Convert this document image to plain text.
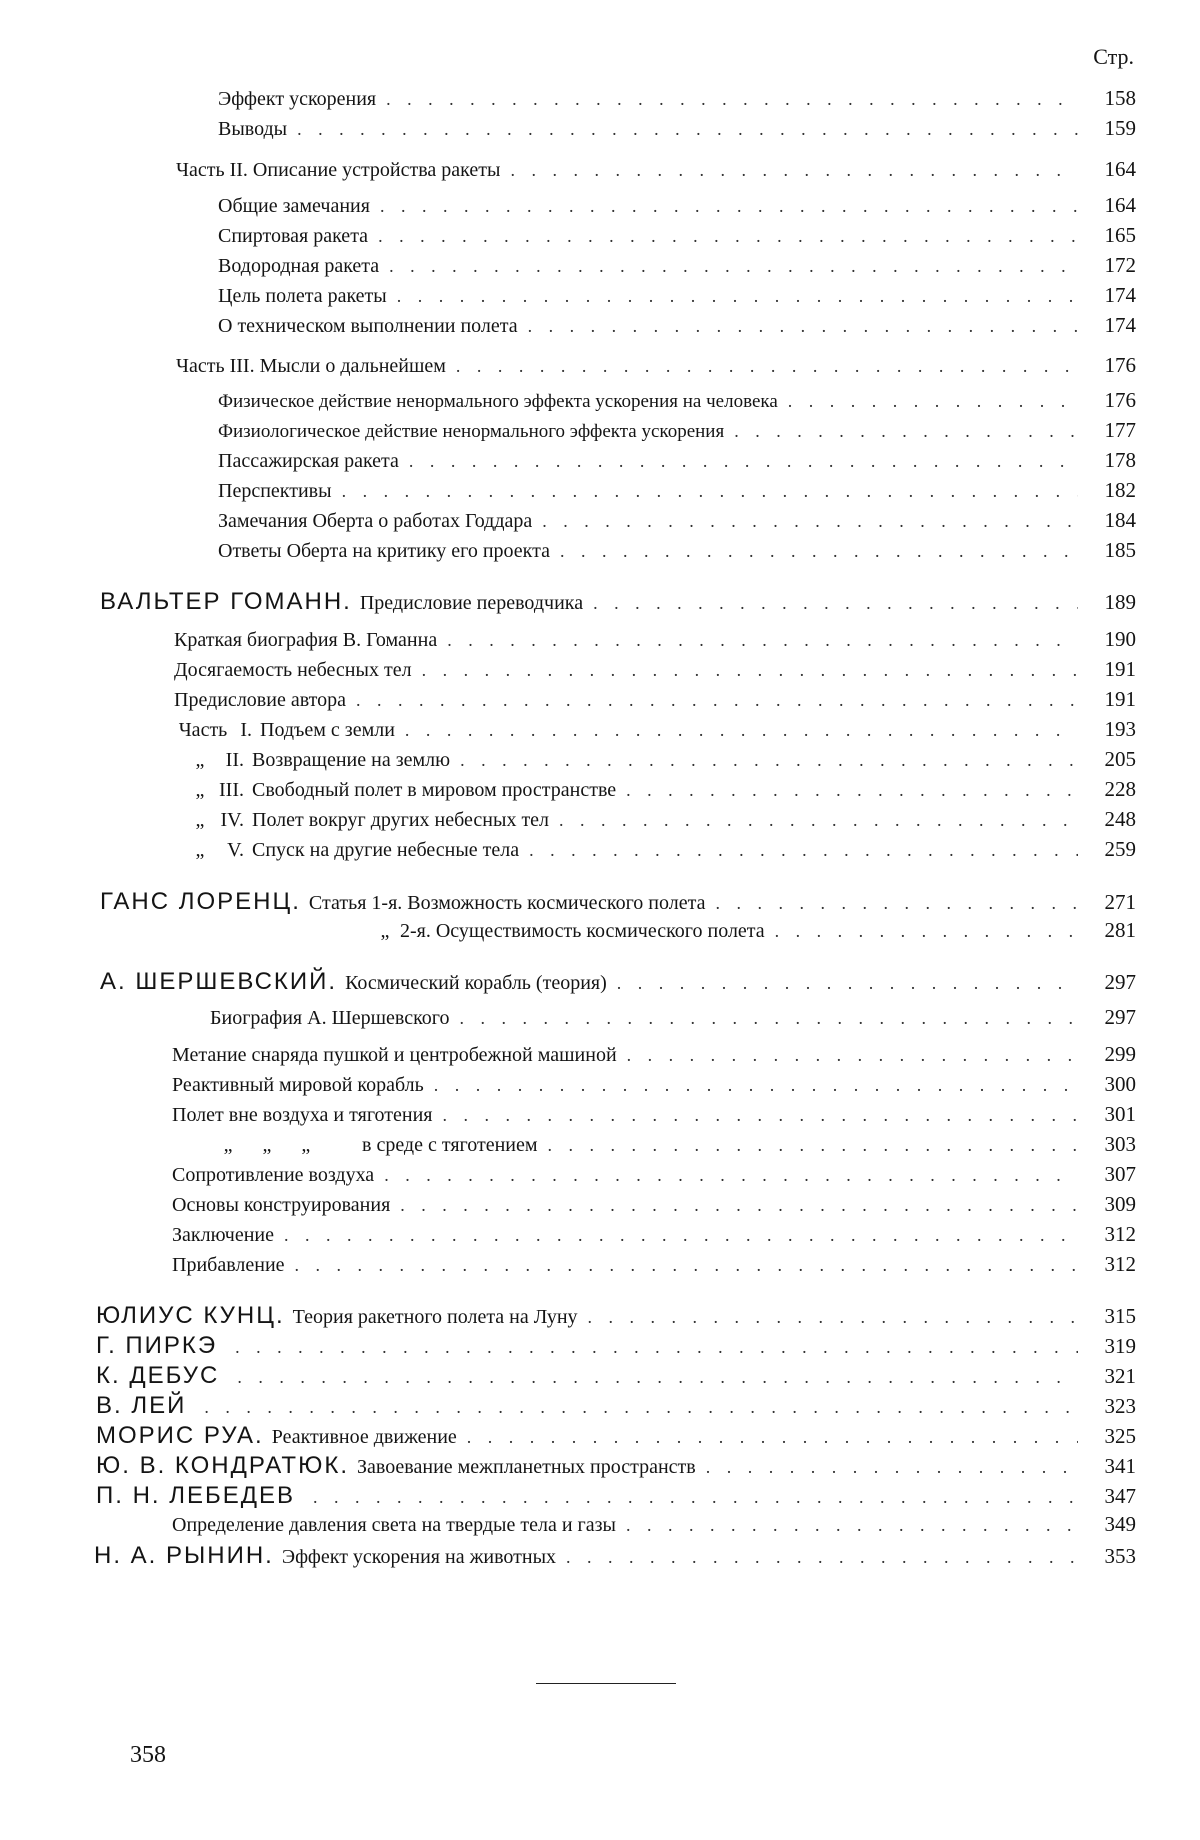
Стр.
Эффект ускорения . . .	158
Выводы . . .	159
Часть II. Описание устройства ракеты . . .	164
Общие замечания . . .	164
Спиртовая ракета . . .	165
Водородная ракета . . .	172
Цель полета ракеты . . .	174
О техническом выполнении полета . . .	174
Часть III. Мысли о дальнейшем . . .	176
Физическое действие ненормального эффекта ускорения на человека . . .	176
Физиологическое действие ненормального эффекта ускорения . . .	177
Пассажирская ракета . . .	178
Перспективы . . .	182
Замечания Оберта о работах Годдара . . .	184
Ответы Оберта на критику его проекта . . .	185
ВАЛЬТЕР ГОМАНН. Предисловие переводчика . . .	189
Краткая биография В. Гоманна . . .	190
Досягаемость небесных тел . . .	191
Предисловие автора . . .	191
Часть I. Подъем с земли . . .	193
„	II. Возвращение на землю . . .	205
„ III. Свободный полет в мировом пространстве . . .	228
„ IV. Полет вокруг других небесных тел . . .	248
„	V. Спуск на другие небесные тела . . .	259
ГАНС ЛОРЕНЦ. Статья 1-я. Возможность космического полета . . .	271
„ 2-я. Осуществимость космического полета . . .	281
А. ШЕРШЕВСКИЙ. Космический корабль (теория) . . .	297
Биография А. Шершевского . . .	297
Метание снаряда пушкой и центробежной машиной . . .	299
Реактивный мировой корабль . . .	300
Полет вне воздуха и тяготения . . .	301
„      „      „	в среде с тяготением . . .	303
Сопротивление воздуха . . .	307
Основы конструирования . . .	309
Заключение . . .	312
Прибавление . . .	312
ЮЛИУС КУНЦ. Теория ракетного полета на Луну . . .	315
Г. ПИРКЭ . . .	319
К. ДЕБУС . . .	321
В. ЛЕЙ . . .	323
МОРИС РУА. Реактивное движение . . .	325
Ю. В. КОНДРАТЮК. Завоевание межпланетных пространств . . .	341
П. Н. ЛЕБЕДЕВ . . .	347
Определение давления света на твердые тела и газы . . .	349
Н. А. РЫНИН. Эффект ускорения на животных . . .	353
358
